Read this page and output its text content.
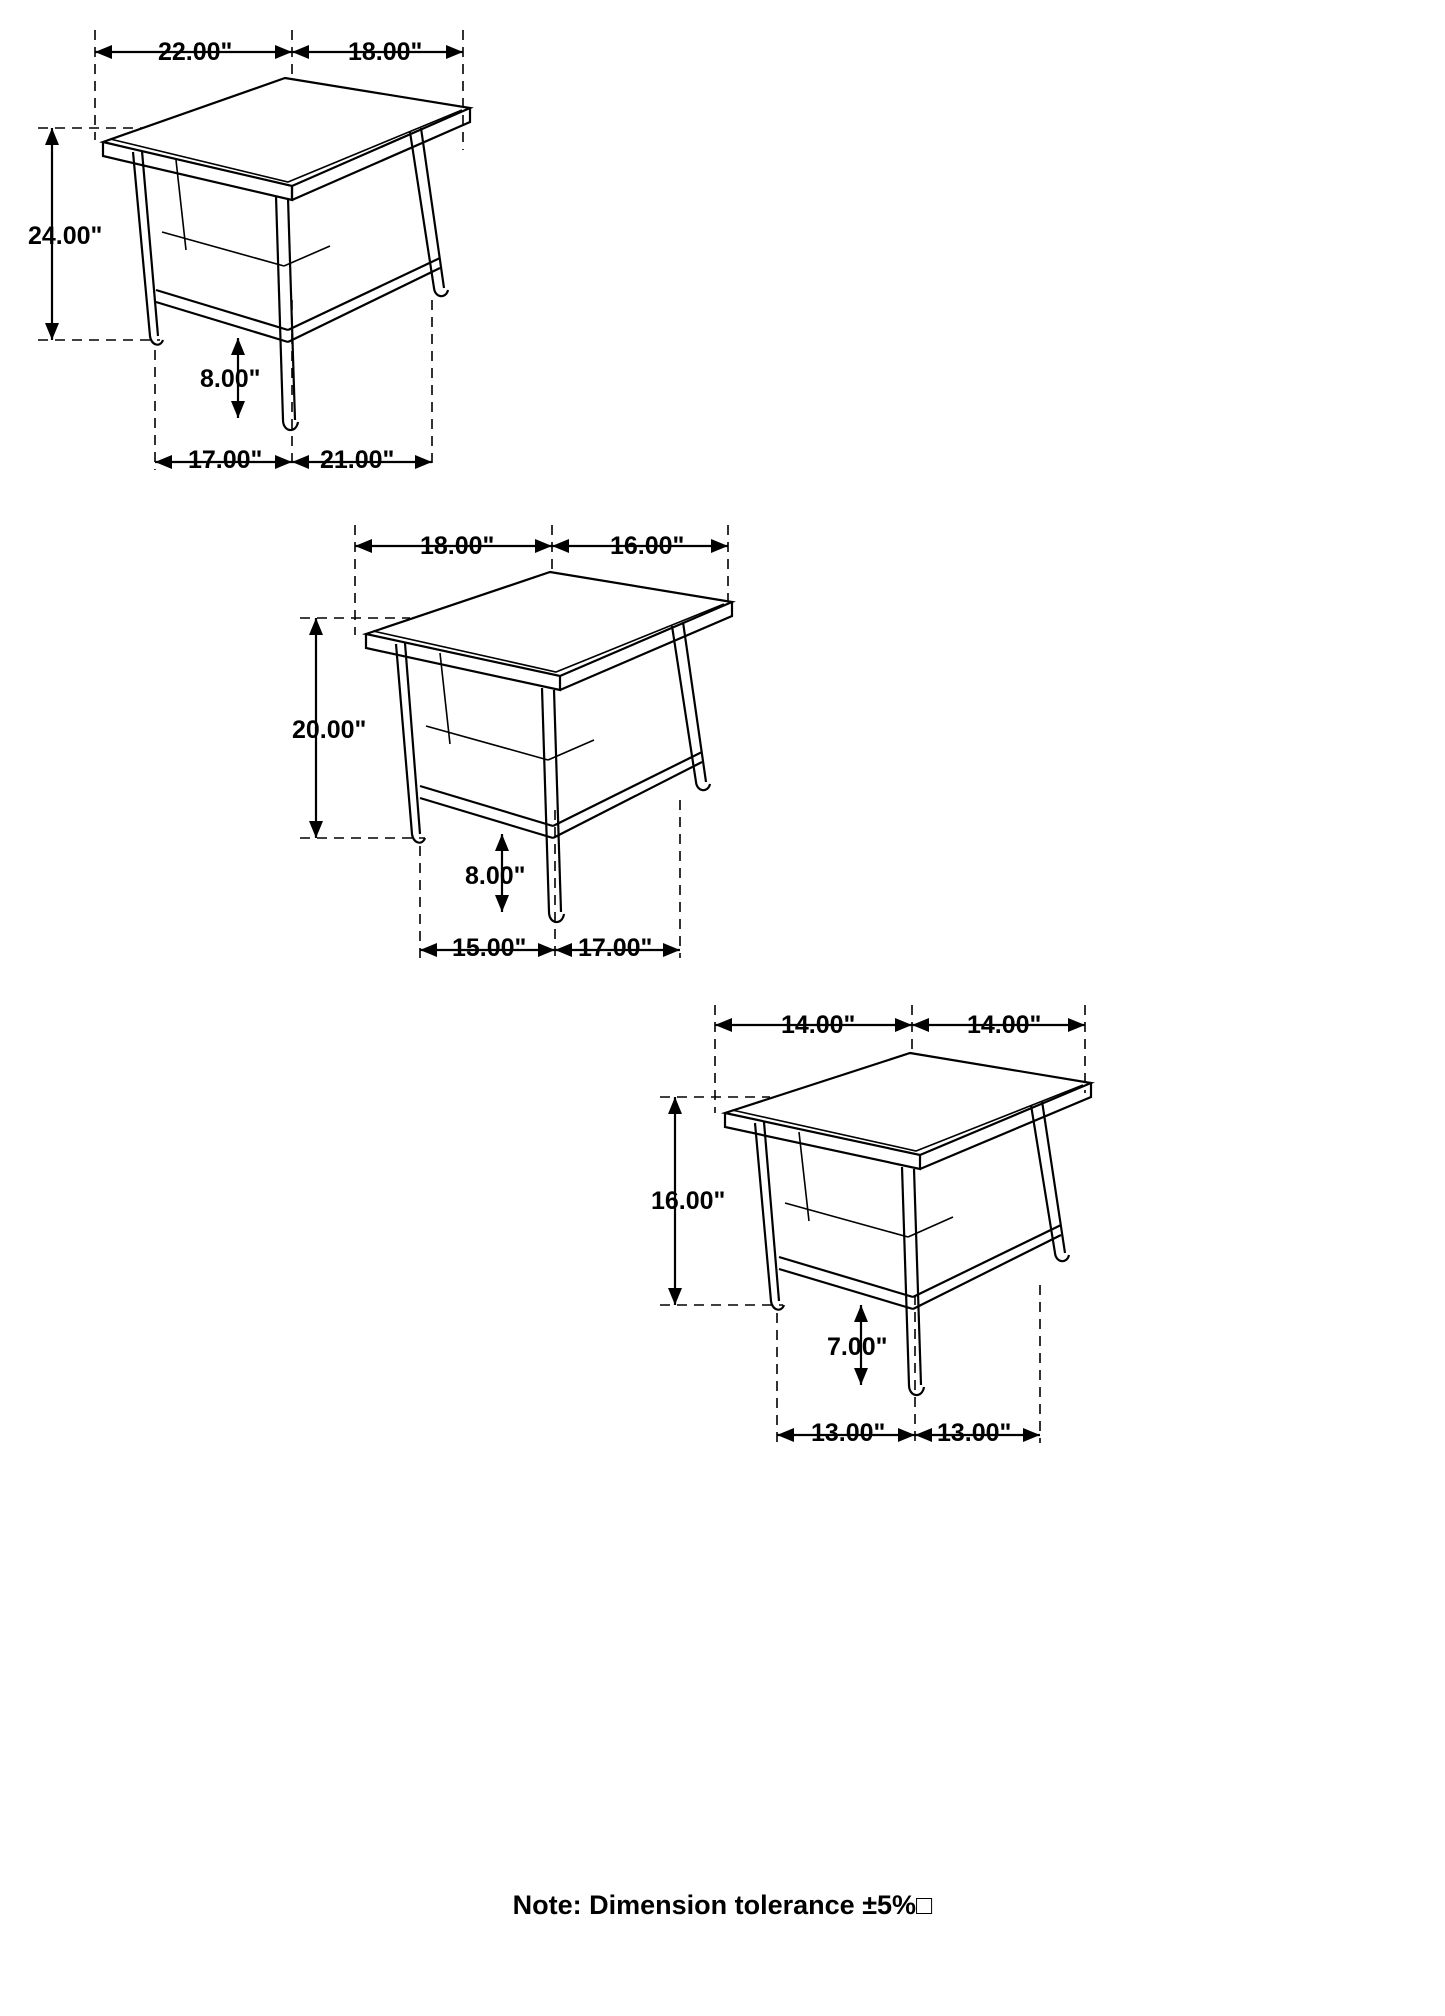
22.00"	18.00"
24.00"
8.00"
17.00" 21.00"
18.00"	16.00"
20.00"
8.00"
15.00" 17.00"
14.00"	14.00"
16.00"
7.00"
13.00" 13.00"
Note: Dimension tolerance ±5%□
